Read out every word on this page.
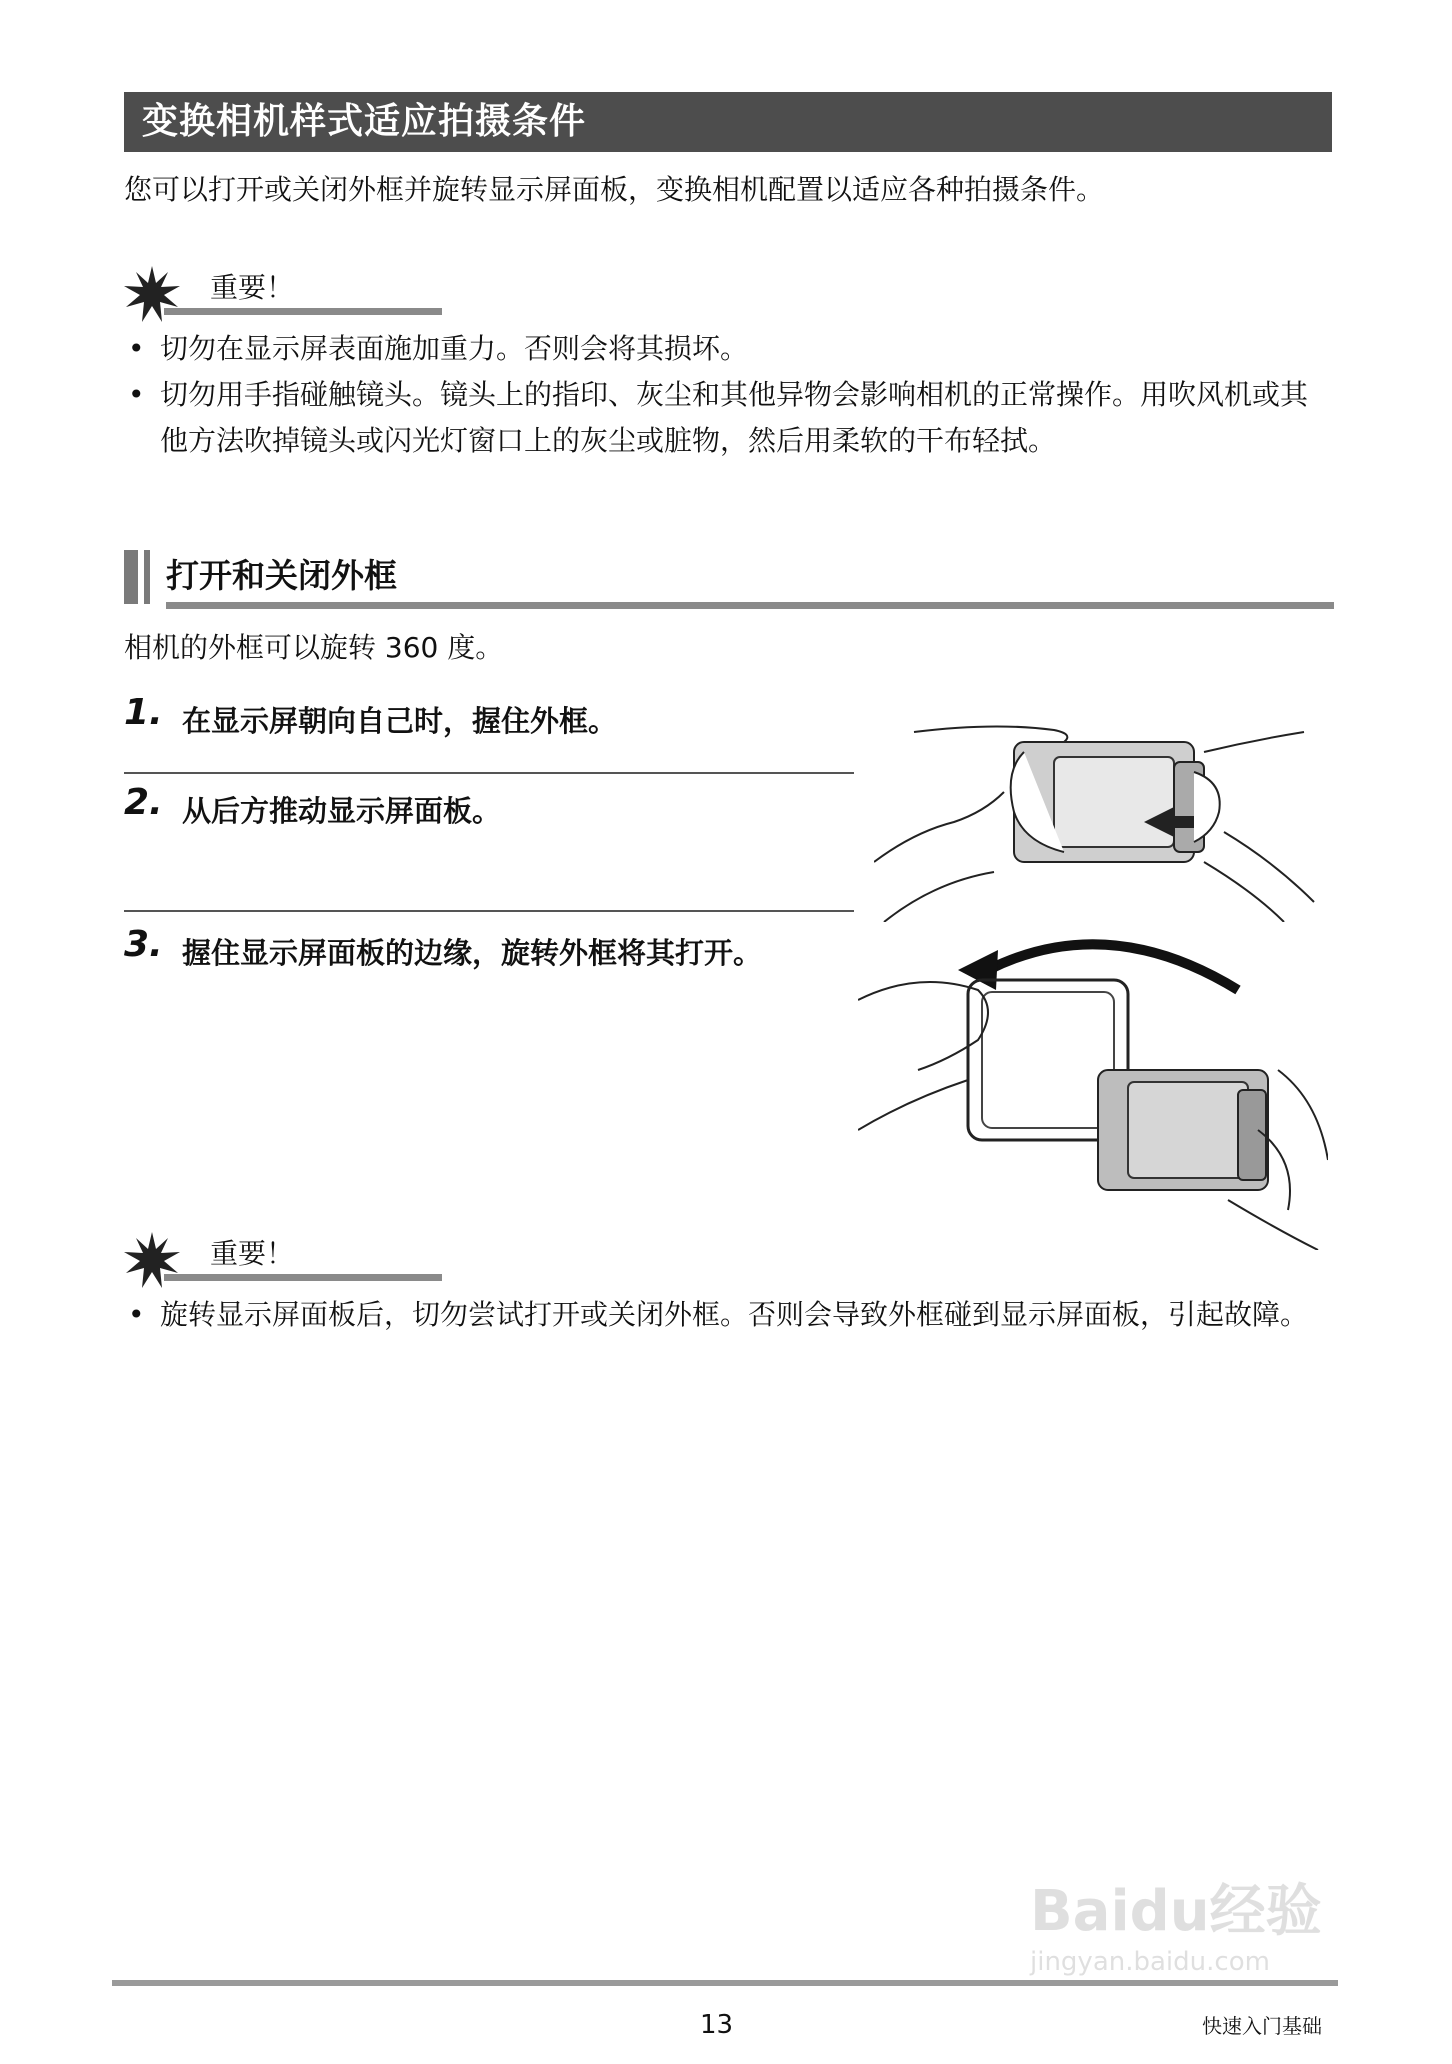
变换相机样式适应拍摄条件
您可以打开或关闭外框并旋转显示屏面板，变换相机配置以适应各种拍摄条件。
重要！

• 切勿在显示屏表面施加重力。否则会将其损坏。

• 切勿用手指碰触镜头。镜头上的指印、灰尘和其他异物会影响相机的正常操作。用吹风机或其他方法吹掉镜头或闪光灯窗口上的灰尘或脏物，然后用柔软的干布轻拭。

打开和关闭外框
相机的外框可以旋转 360 度。
1. 在显示屏朝向自己时，握住外框。
2. 从后方推动显示屏面板。
3. 握住显示屏面板的边缘，旋转外框将其打开。
重要！

• 旋转显示屏面板后，切勿尝试打开或关闭外框。否则会导致外框碰到显示屏面板，引起故障。

Baidu经验
jingyan.baidu.com
13	快速入门基础
